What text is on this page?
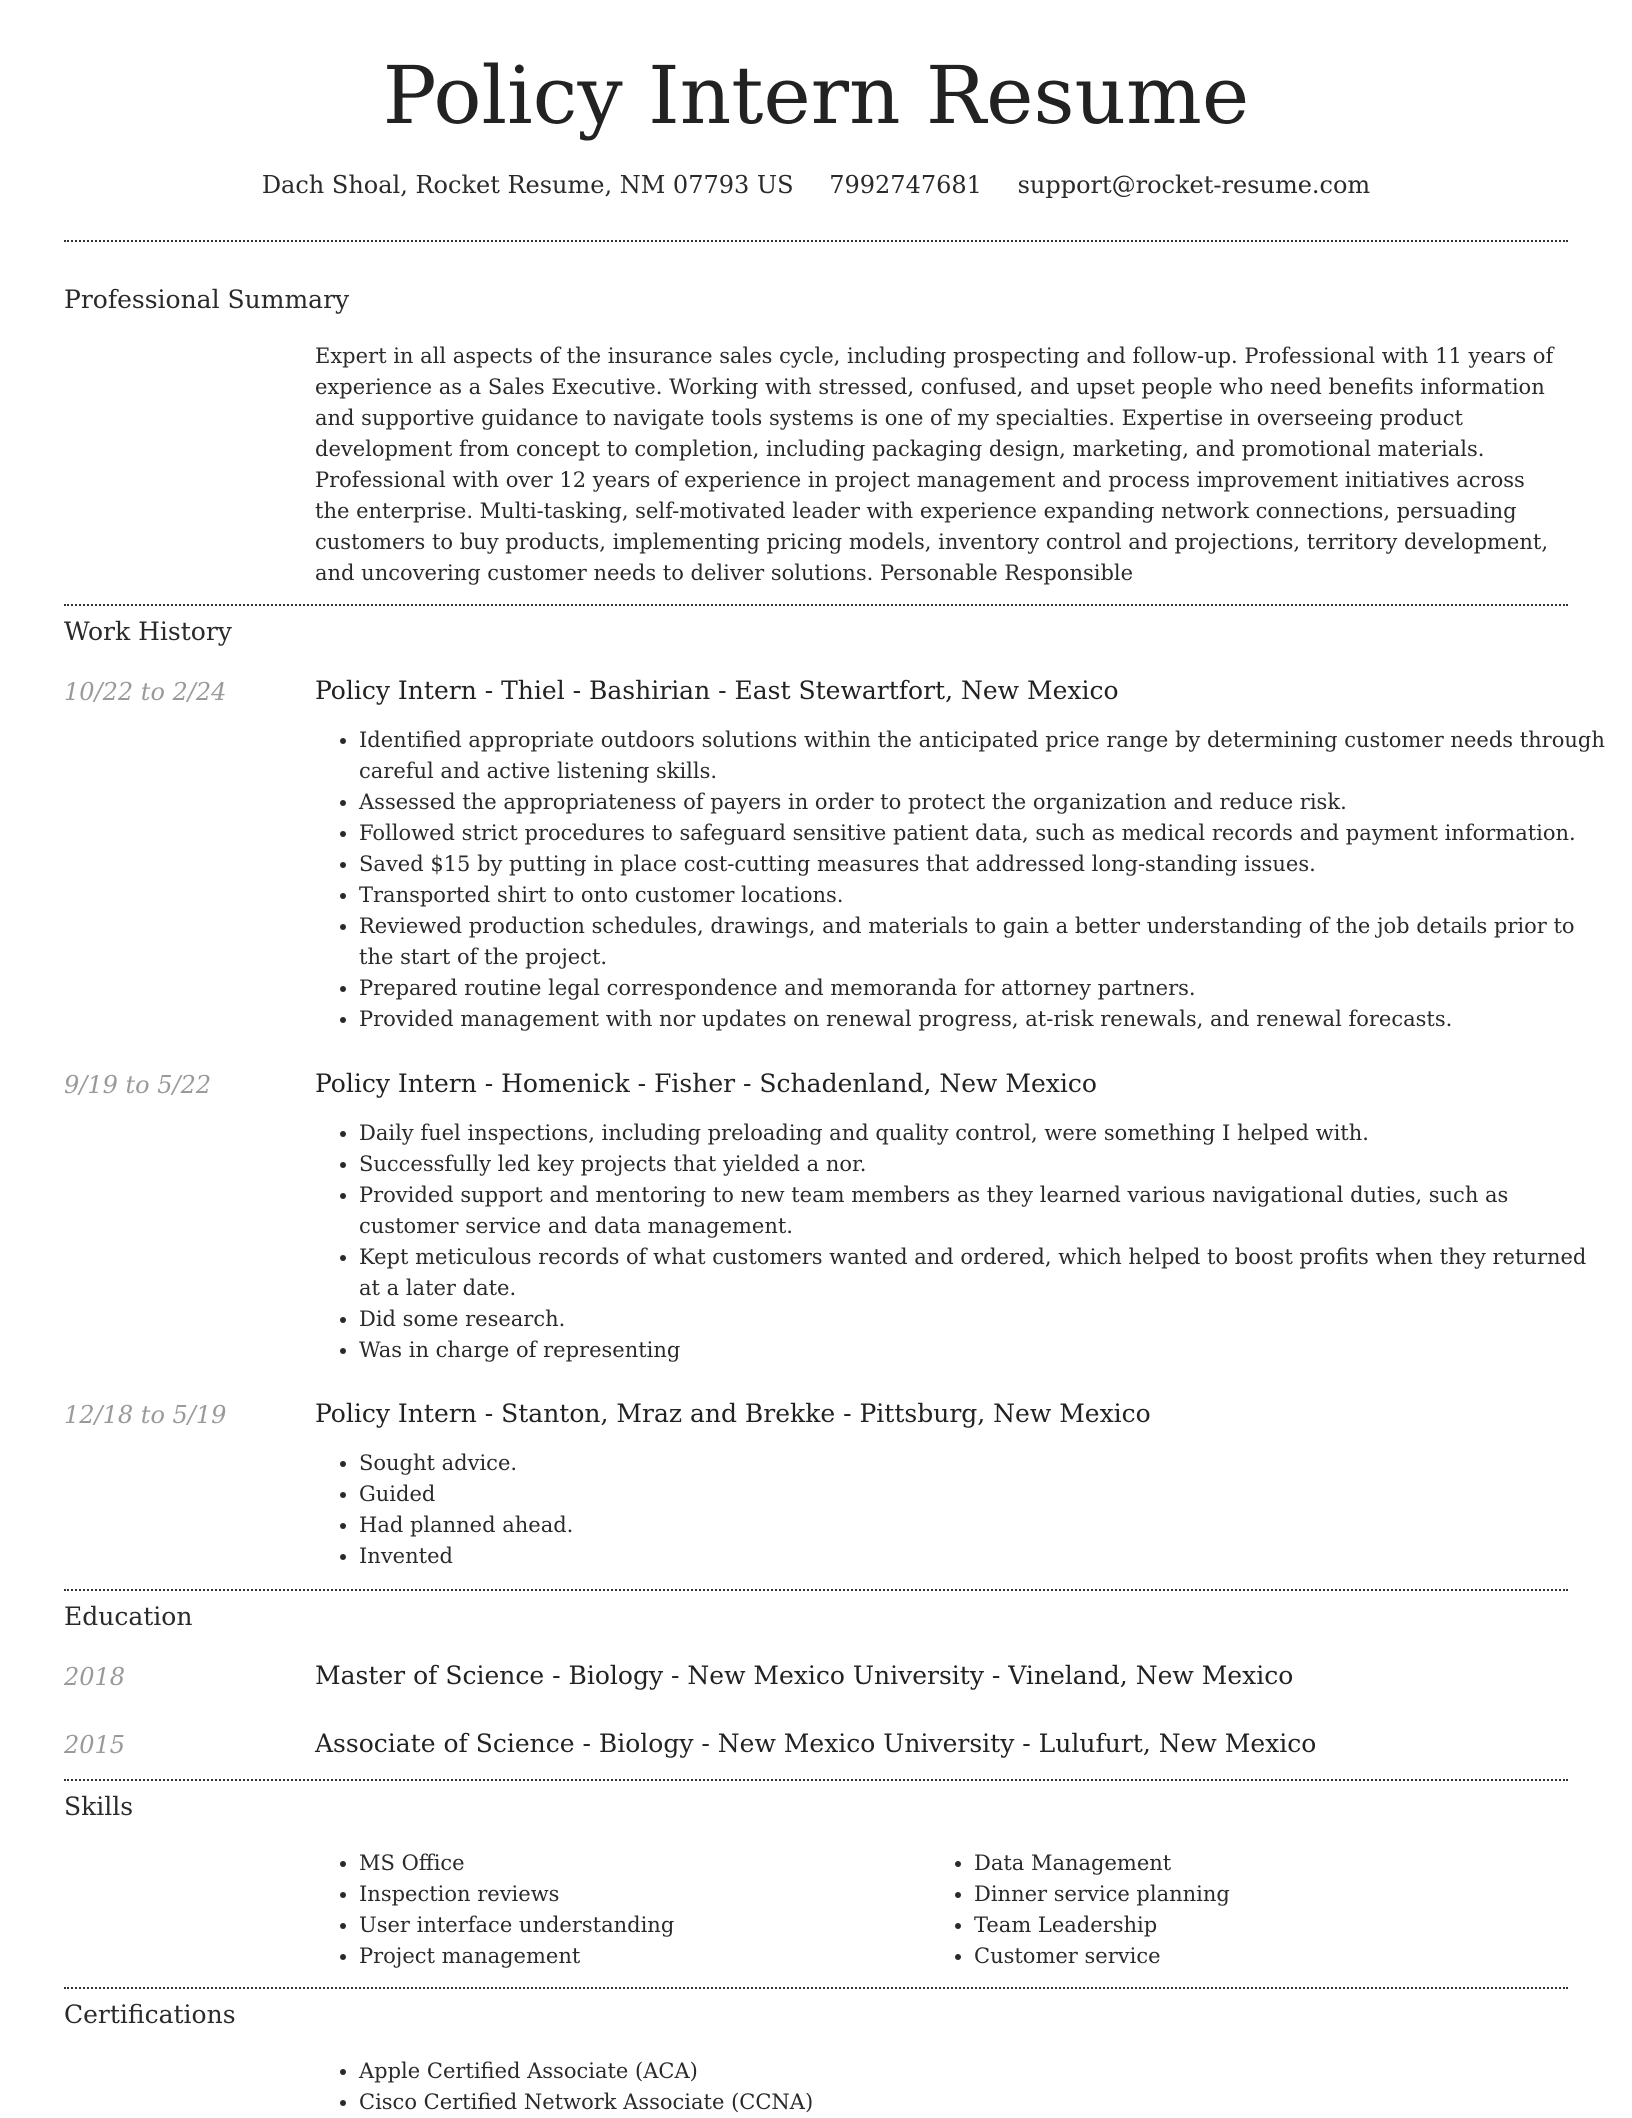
Policy Intern Resume
Dach Shoal, Rocket Resume, NM 07793 US 7992747681 support@rocket-resume.com
Professional Summary

Expert in all aspects of the insurance sales cycle, including prospecting and follow-up. Professional with 11 years of experience as a Sales Executive. Working with stressed, confused, and upset people who need benefits information and supportive guidance to navigate tools systems is one of my specialties. Expertise in overseeing product development from concept to completion, including packaging design, marketing, and promotional materials. Professional with over 12 years of experience in project management and process improvement initiatives across the enterprise. Multi-tasking, self-motivated leader with experience expanding network connections, persuading customers to buy products, implementing pricing models, inventory control and projections, territory development, and uncovering customer needs to deliver solutions. Personable Responsible

Work History
10/22 to 2/24	Policy Intern - Thiel - Bashirian - East Stewartfort, New Mexico
• Identified appropriate outdoors solutions within the anticipated price range by determining customer needs through careful and active listening skills.
• Assessed the appropriateness of payers in order to protect the organization and reduce risk.
• Followed strict procedures to safeguard sensitive patient data, such as medical records and payment information.
• Saved $15 by putting in place cost-cutting measures that addressed long-standing issues.
• Transported shirt to onto customer locations.
• Reviewed production schedules, drawings, and materials to gain a better understanding of the job details prior to the start of the project.
• Prepared routine legal correspondence and memoranda for attorney partners.
• Provided management with nor updates on renewal progress, at-risk renewals, and renewal forecasts.
9/19 to 5/22	Policy Intern - Homenick - Fisher - Schadenland, New Mexico
• Daily fuel inspections, including preloading and quality control, were something I helped with.
• Successfully led key projects that yielded a nor.
• Provided support and mentoring to new team members as they learned various navigational duties, such as customer service and data management.
• Kept meticulous records of what customers wanted and ordered, which helped to boost profits when they returned at a later date.
• Did some research.
• Was in charge of representing
12/18 to 5/19	Policy Intern - Stanton, Mraz and Brekke - Pittsburg, New Mexico
• Sought advice.
• Guided
• Had planned ahead.
• Invented
Education
2018	Master of Science - Biology - New Mexico University - Vineland, New Mexico
2015	Associate of Science - Biology - New Mexico University - Lulufurt, New Mexico
Skills
• MS Office
• Inspection reviews
• User interface understanding
• Project management
• Data Management
• Dinner service planning
• Team Leadership
• Customer service
Certifications
• Apple Certified Associate (ACA)
• Cisco Certified Network Associate (CCNA)
